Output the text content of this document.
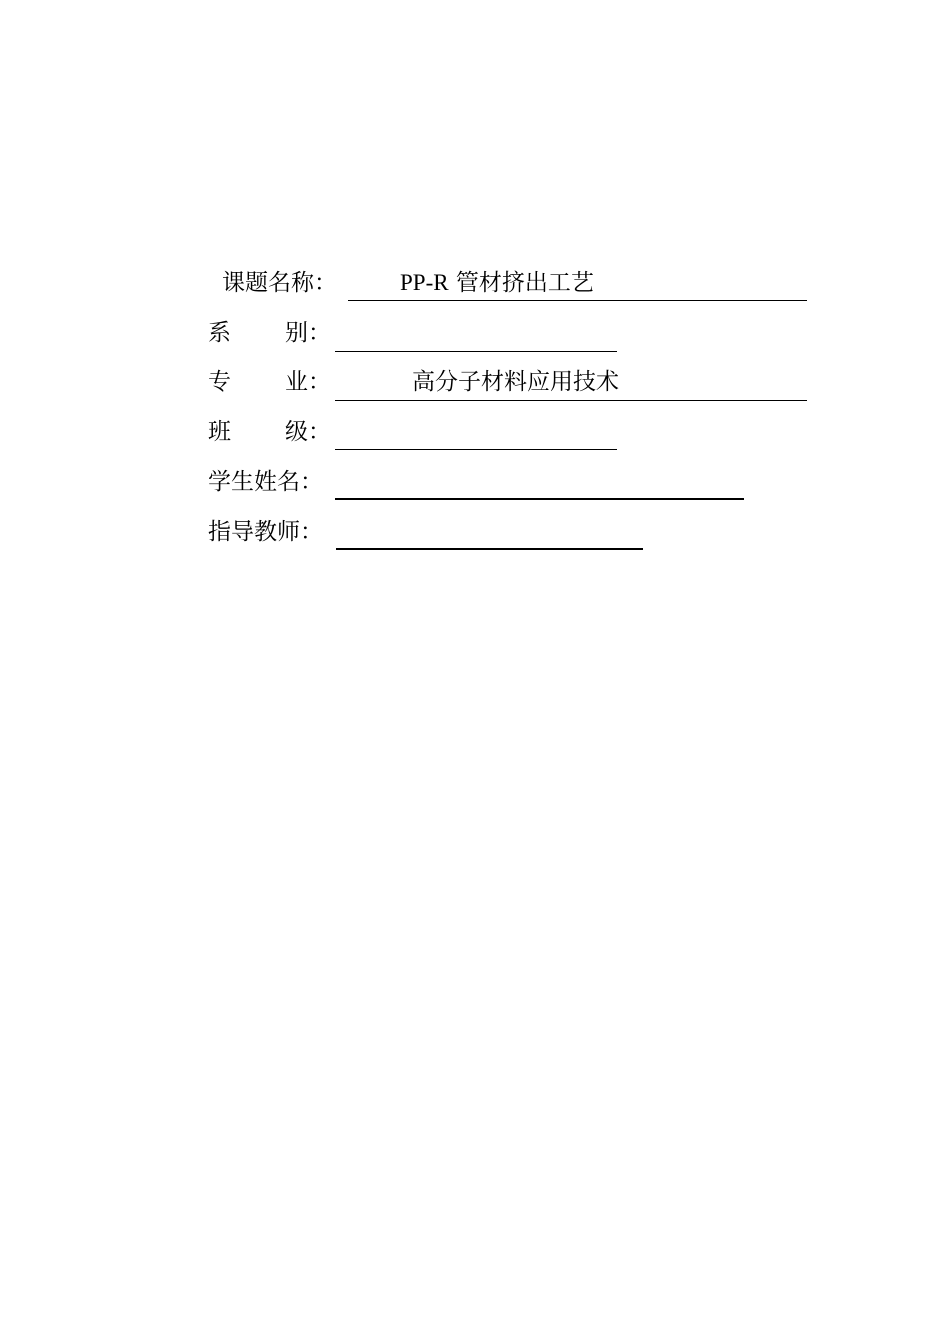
课题名称：	PP-R 管材挤出工艺
系 别：
专 业：	高分子材料应用技术
班 级：
学生姓名：
指导教师：
